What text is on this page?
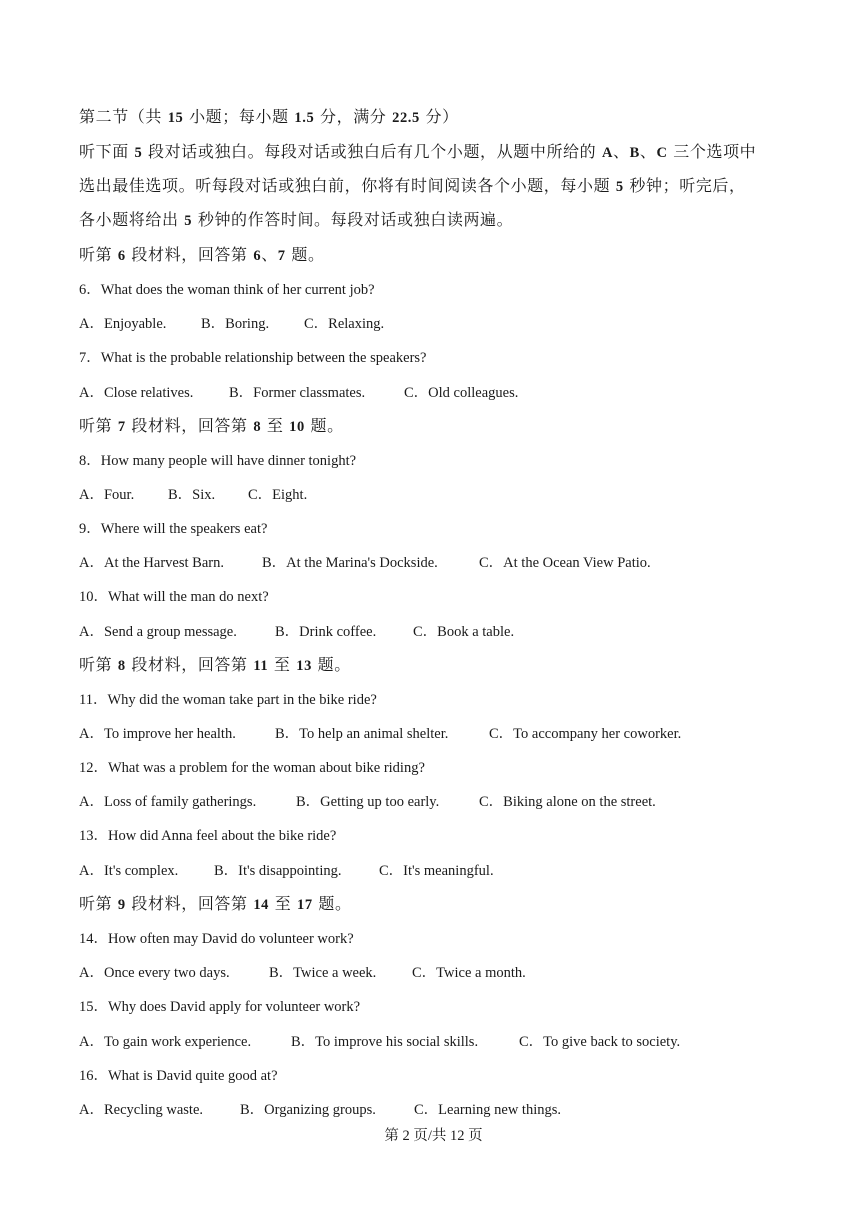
第二节（共 15 小题；每小题 1.5 分，满分 22.5 分）
听下面 5 段对话或独白。每段对话或独白后有几个小题，从题中所给的 A、B、C 三个选项中
选出最佳选项。听每段对话或独白前，你将有时间阅读各个小题，每小题 5 秒钟；听完后，
各小题将给出 5 秒钟的作答时间。每段对话或独白读两遍。
听第 6 段材料，回答第 6、7 题。
6．What does the woman think of her current job?
A．Enjoyable. B．Boring. C．Relaxing.
7．What is the probable relationship between the speakers?
A．Close relatives. B．Former classmates.	C．Old colleagues.
听第 7 段材料，回答第 8 至 10 题。
8．How many people will have dinner tonight?
A．Four. B．Six. C．Eight.
9．Where will the speakers eat?
A．At the Harvest Barn.	B．At the Marina's Dockside.	C．At the Ocean View Patio.
10．What will the man do next?
A．Send a group message.	B．Drink coffee.	C．Book a table.
听第 8 段材料，回答第 11 至 13 题。
11．Why did the woman take part in the bike ride?
A．To improve her health.	B．To help an animal shelter.	C．To accompany her coworker.
12．What was a problem for the woman about bike riding?
A．Loss of family gatherings.	B．Getting up too early.	C．Biking alone on the street.
13．How did Anna feel about the bike ride?
A．It's complex. B．It's disappointing.	C．It's meaningful.
听第 9 段材料，回答第 14 至 17 题。
14．How often may David do volunteer work?
A．Once every two days.	B．Twice a week. C．Twice a month.
15．Why does David apply for volunteer work?
A．To gain work experience.	B．To improve his social skills.	C．To give back to society.
16．What is David quite good at?
A．Recycling waste.	B．Organizing groups.	C．Learning new things.
第 2 页/共 12 页
